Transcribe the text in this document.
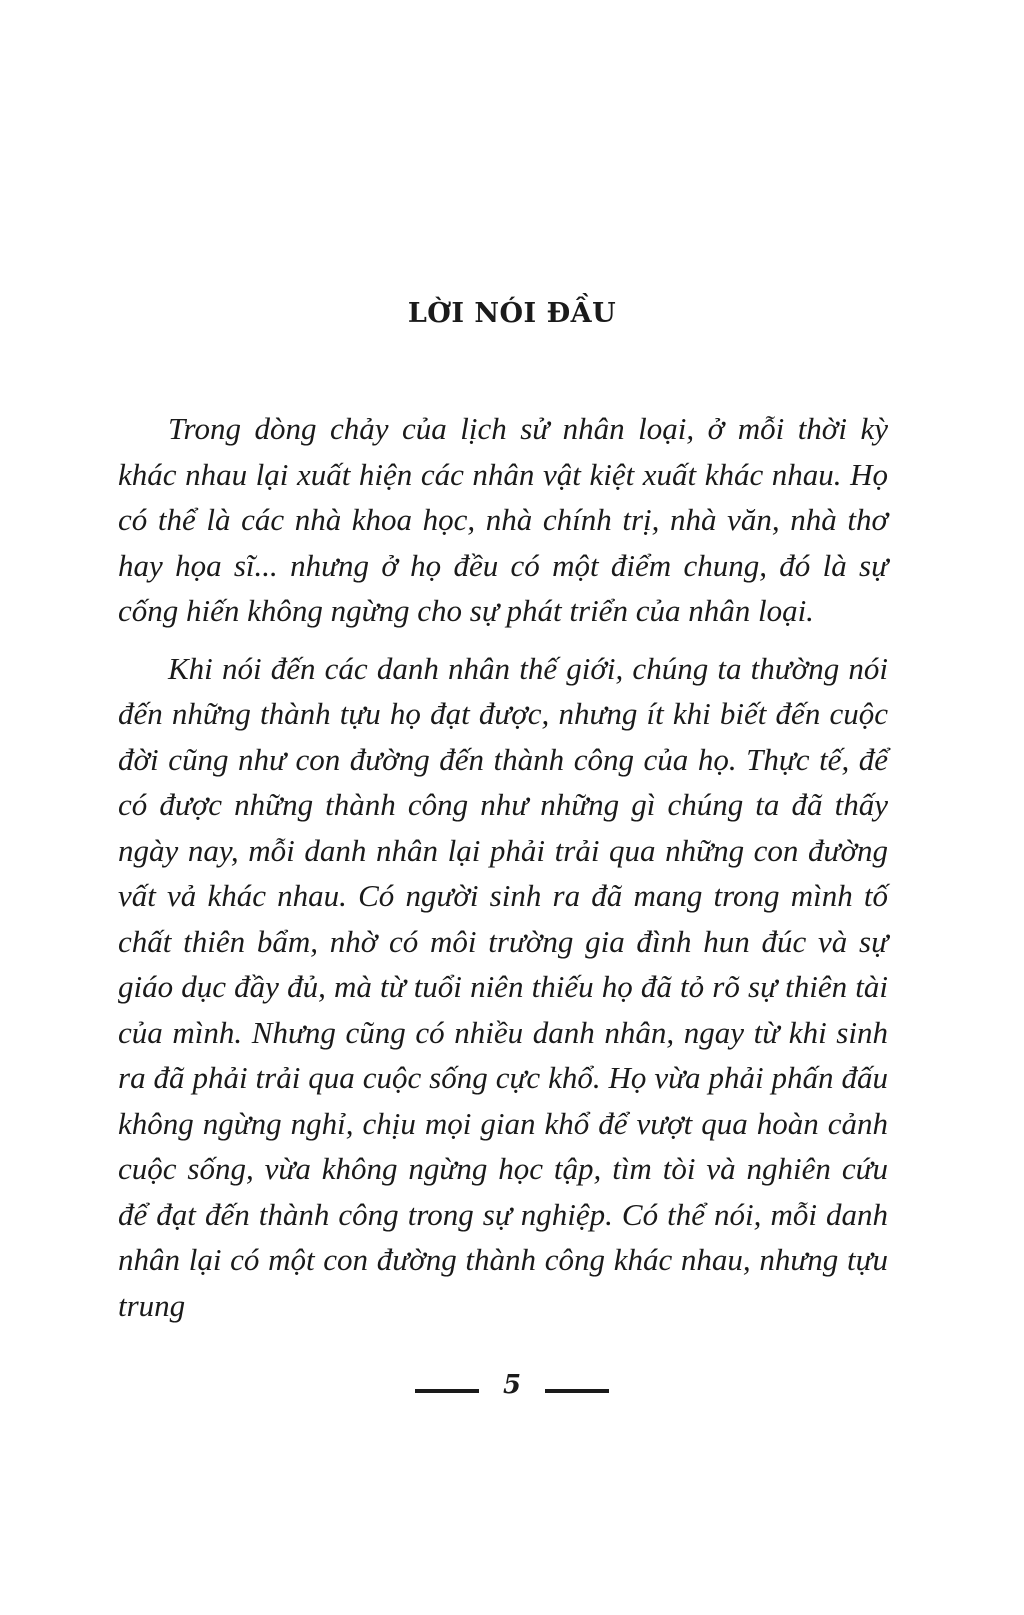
LỜI NÓI ĐẦU

Trong dòng chảy của lịch sử nhân loại, ở mỗi thời kỳ khác nhau lại xuất hiện các nhân vật kiệt xuất khác nhau. Họ có thể là các nhà khoa học, nhà chính trị, nhà văn, nhà thơ hay họa sĩ... nhưng ở họ đều có một điểm chung, đó là sự cống hiến không ngừng cho sự phát triển của nhân loại.

Khi nói đến các danh nhân thế giới, chúng ta thường nói đến những thành tựu họ đạt được, nhưng ít khi biết đến cuộc đời cũng như con đường đến thành công của họ. Thực tế, để có được những thành công như những gì chúng ta đã thấy ngày nay, mỗi danh nhân lại phải trải qua những con đường vất vả khác nhau. Có người sinh ra đã mang trong mình tố chất thiên bẩm, nhờ có môi trường gia đình hun đúc và sự giáo dục đầy đủ, mà từ tuổi niên thiếu họ đã tỏ rõ sự thiên tài của mình. Nhưng cũng có nhiều danh nhân, ngay từ khi sinh ra đã phải trải qua cuộc sống cực khổ. Họ vừa phải phấn đấu không ngừng nghỉ, chịu mọi gian khổ để vượt qua hoàn cảnh cuộc sống, vừa không ngừng học tập, tìm tòi và nghiên cứu để đạt đến thành công trong sự nghiệp. Có thể nói, mỗi danh nhân lại có một con đường thành công khác nhau, nhưng tựu trung

5
